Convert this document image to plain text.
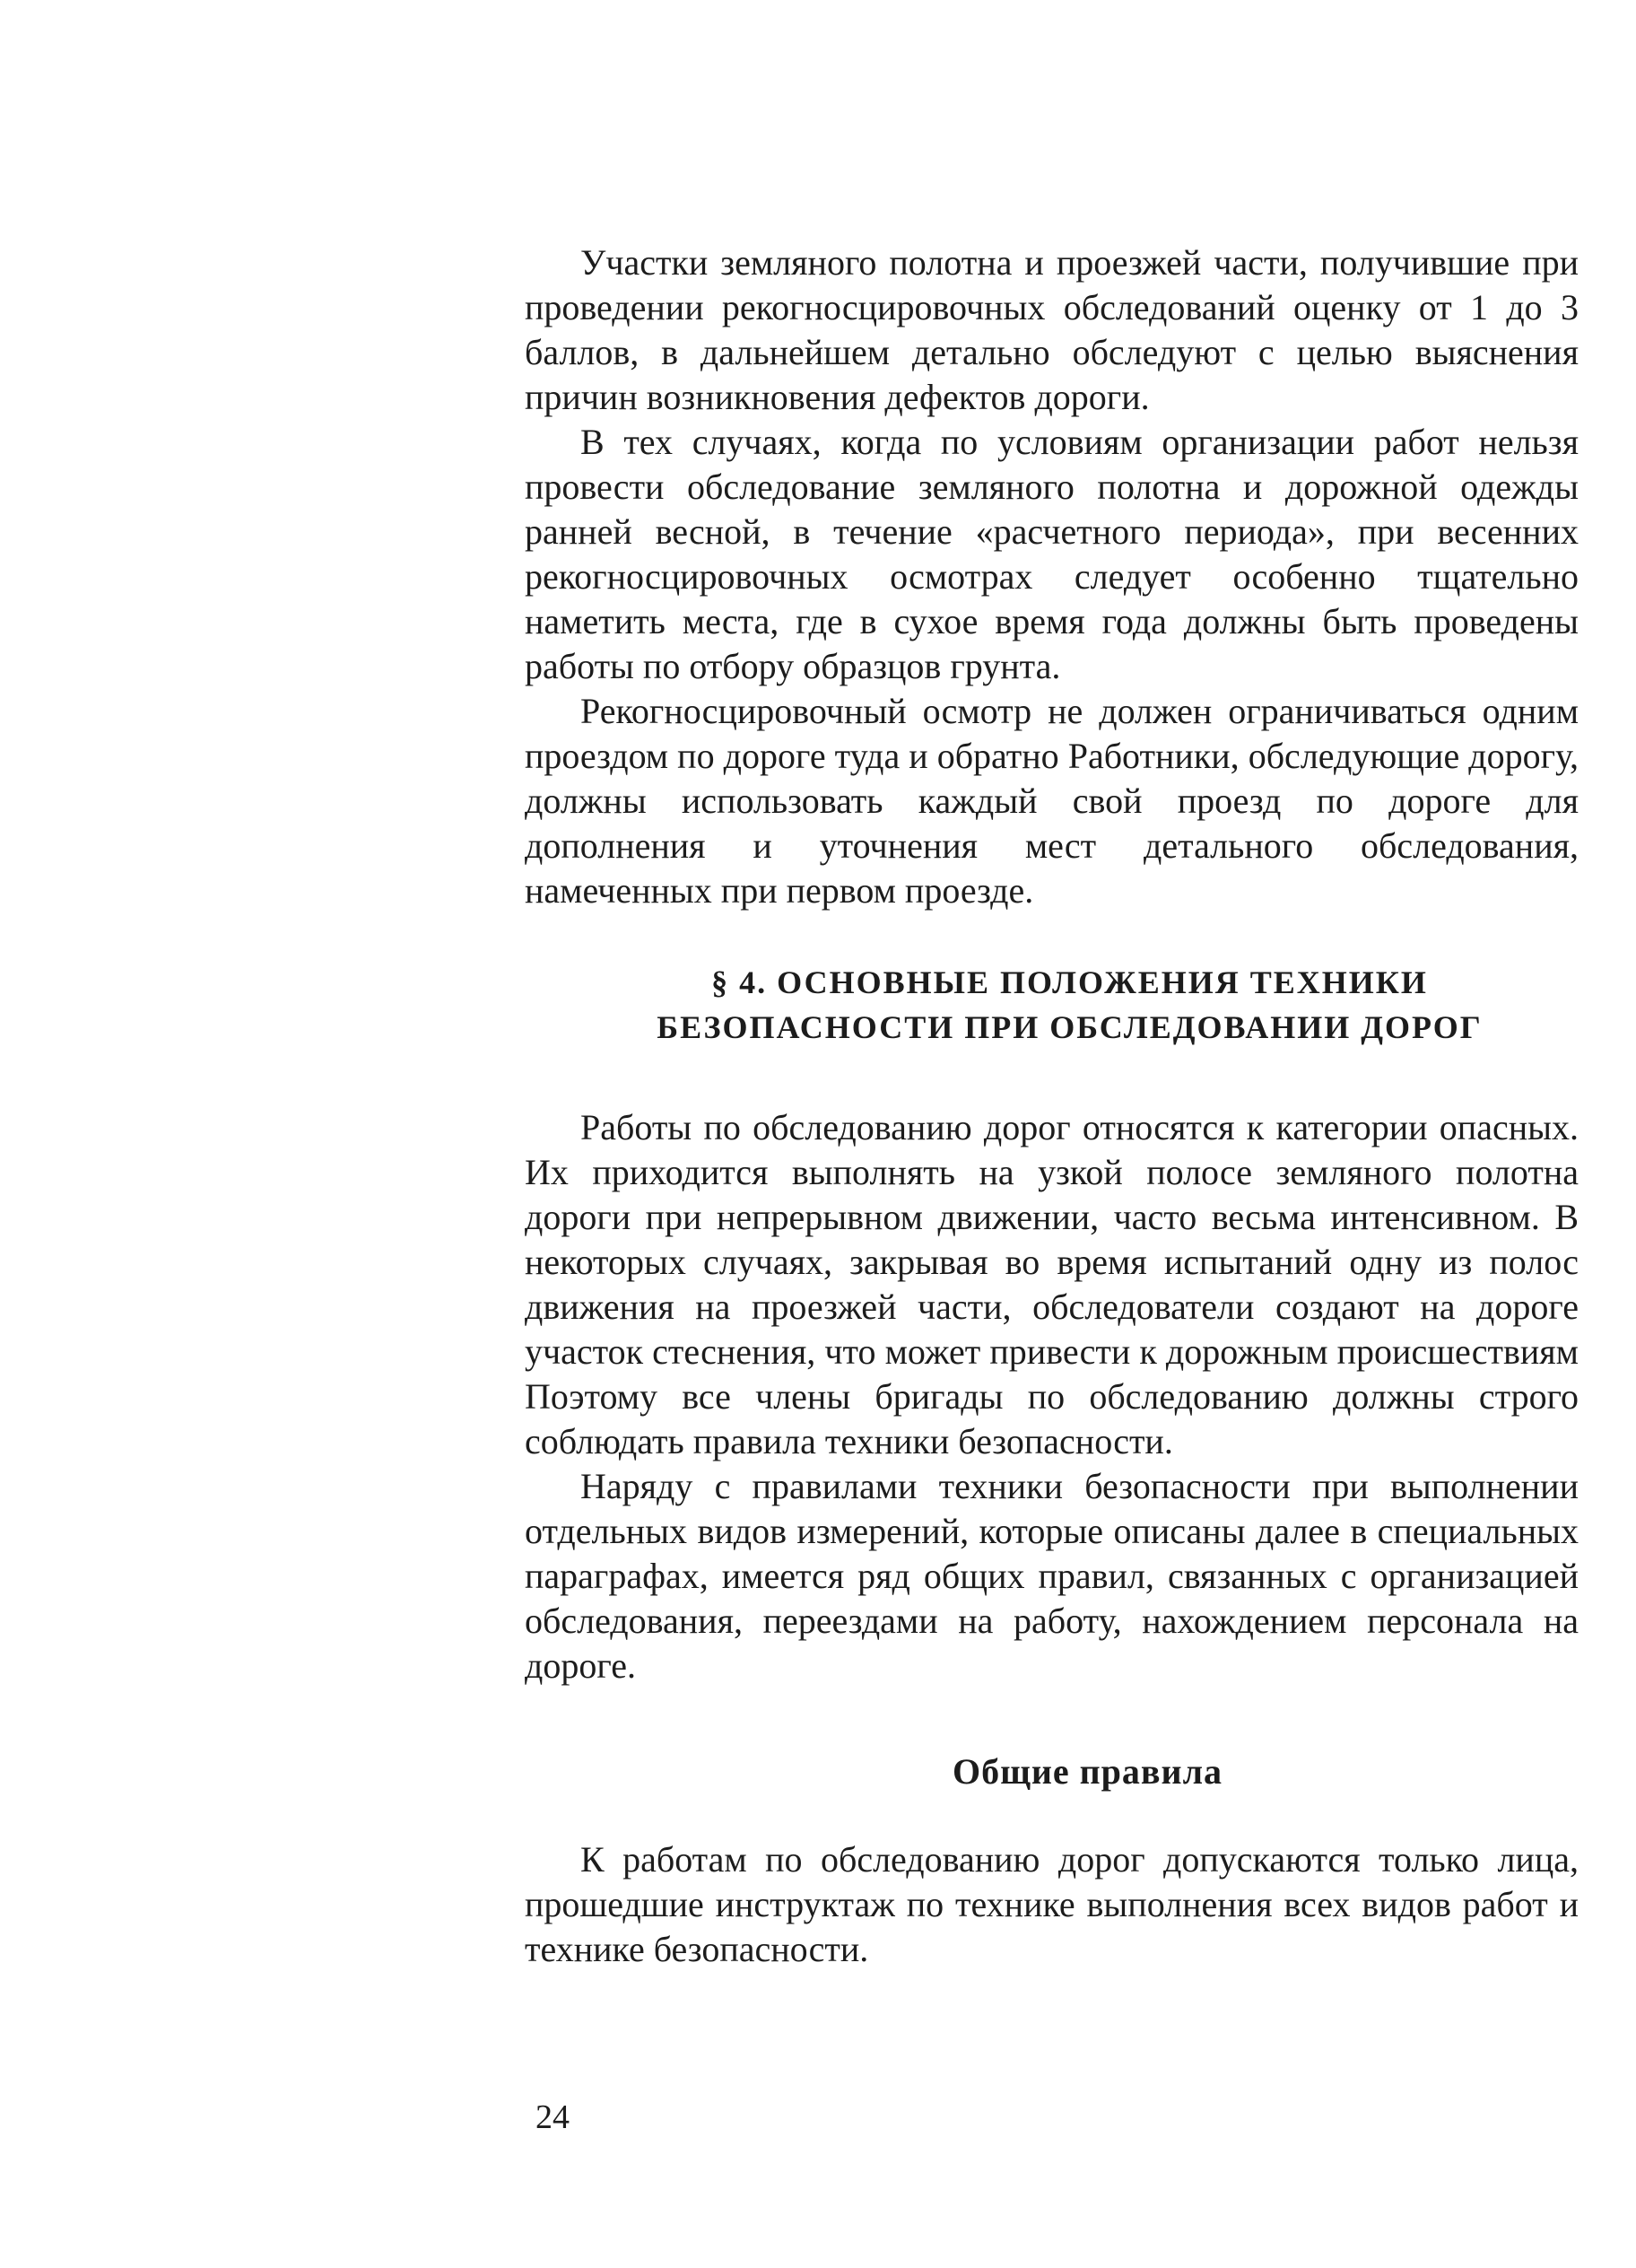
Участки земляного полотна и проезжей части, получившие при проведении рекогносцировочных обследований оценку от 1 до 3 баллов, в дальнейшем детально обследуют с целью выяснения причин возникновения дефектов дороги.

В тех случаях, когда по условиям организации работ нельзя провести обследование земляного полотна и дорожной одежды ранней весной, в течение «расчетного периода», при весенних рекогносцировочных осмотрах следует особенно тщательно наметить места, где в сухое время года должны быть проведены работы по отбору образцов грунта.

Рекогносцировочный осмотр не должен ограничиваться одним проездом по дороге туда и обратно Работники, обследующие дорогу, должны использовать каждый свой проезд по дороге для дополнения и уточнения мест детального обследования, намеченных при первом проезде.

§ 4. ОСНОВНЫЕ ПОЛОЖЕНИЯ ТЕХНИКИ

БЕЗОПАСНОСТИ ПРИ ОБСЛЕДОВАНИИ ДОРОГ

Работы по обследованию дорог относятся к категории опасных. Их приходится выполнять на узкой полосе земляного полотна дороги при непрерывном движении, часто весьма интенсивном. В некоторых случаях, закрывая во время испытаний одну из полос движения на проезжей части, обследователи создают на дороге участок стеснения, что может привести к дорожным происшествиям Поэтому все члены бригады по обследованию должны строго соблюдать правила техники безопасности.

Наряду с правилами техники безопасности при выполнении отдельных видов измерений, которые описаны далее в специальных параграфах, имеется ряд общих правил, связанных с организацией обследования, переездами на работу, нахождением персонала на дороге.

Общие правила

К работам по обследованию дорог допускаются только лица, прошедшие инструктаж по технике выполнения всех видов работ и технике безопасности.

24
